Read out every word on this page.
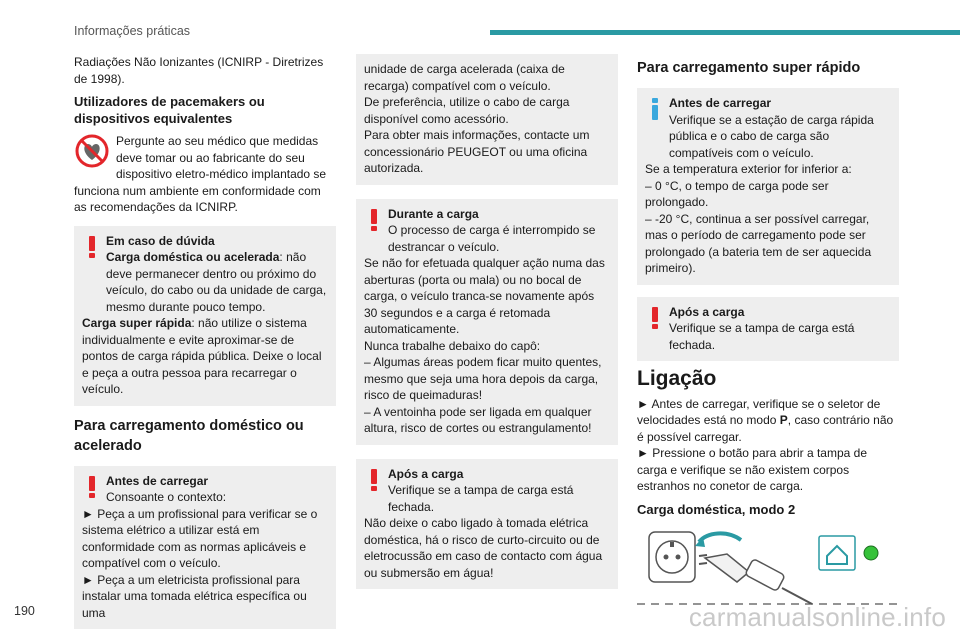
Informações práticas

Radiações Não Ionizantes (ICNIRP - Diretrizes de 1998).

Utilizadores de pacemakers ou dispositivos equivalentes

Pergunte ao seu médico que medidas deve tomar ou ao fabricante do seu dispositivo eletro-médico implantado se funciona num ambiente em conformidade com as recomendações da ICNIRP.

Em caso de dúvida
Carga doméstica ou acelerada: não deve permanecer dentro ou próximo do veículo, do cabo ou da unidade de carga, mesmo durante pouco tempo.
Carga super rápida: não utilize o sistema individualmente e evite aproximar-se de pontos de carga rápida pública. Deixe o local e peça a outra pessoa para recarregar o veículo.
Para carregamento doméstico ou acelerado
Antes de carregar
Consoante o contexto:
► Peça a um profissional para verificar se o sistema elétrico a utilizar está em conformidade com as normas aplicáveis e compatível com o veículo.
► Peça a um eletricista profissional para instalar uma tomada elétrica específica ou uma
unidade de carga acelerada (caixa de recarga) compatível com o veículo.
De preferência, utilize o cabo de carga disponível como acessório.
Para obter mais informações, contacte um concessionário PEUGEOT ou uma oficina autorizada.
Durante a carga
O processo de carga é interrompido se destrancar o veículo.
Se não for efetuada qualquer ação numa das aberturas (porta ou mala) ou no bocal de carga, o veículo tranca-se novamente após 30 segundos e a carga é retomada automaticamente.
Nunca trabalhe debaixo do capô:
– Algumas áreas podem ficar muito quentes, mesmo que seja uma hora depois da carga, risco de queimaduras!
– A ventoinha pode ser ligada em qualquer altura, risco de cortes ou estrangulamento!
Após a carga
Verifique se a tampa de carga está fechada.
Não deixe o cabo ligado à tomada elétrica doméstica, há o risco de curto-circuito ou de eletrocussão em caso de contacto com água ou submersão em água!
Para carregamento super rápido
Antes de carregar
Verifique se a estação de carga rápida pública e o cabo de carga são compatíveis com o veículo.
Se a temperatura exterior for inferior a:
– 0 °C, o tempo de carga pode ser prolongado.
– -20 °C, continua a ser possível carregar, mas o período de carregamento pode ser prolongado (a bateria tem de ser aquecida primeiro).
Após a carga
Verifique se a tampa de carga está fechada.
Ligação

► Antes de carregar, verifique se o seletor de velocidades está no modo P, caso contrário não é possível carregar.

► Pressione o botão para abrir a tampa de carga e verifique se não existem corpos estranhos no conetor de carga.

Carga doméstica, modo 2
190	carmanualsonline.info
